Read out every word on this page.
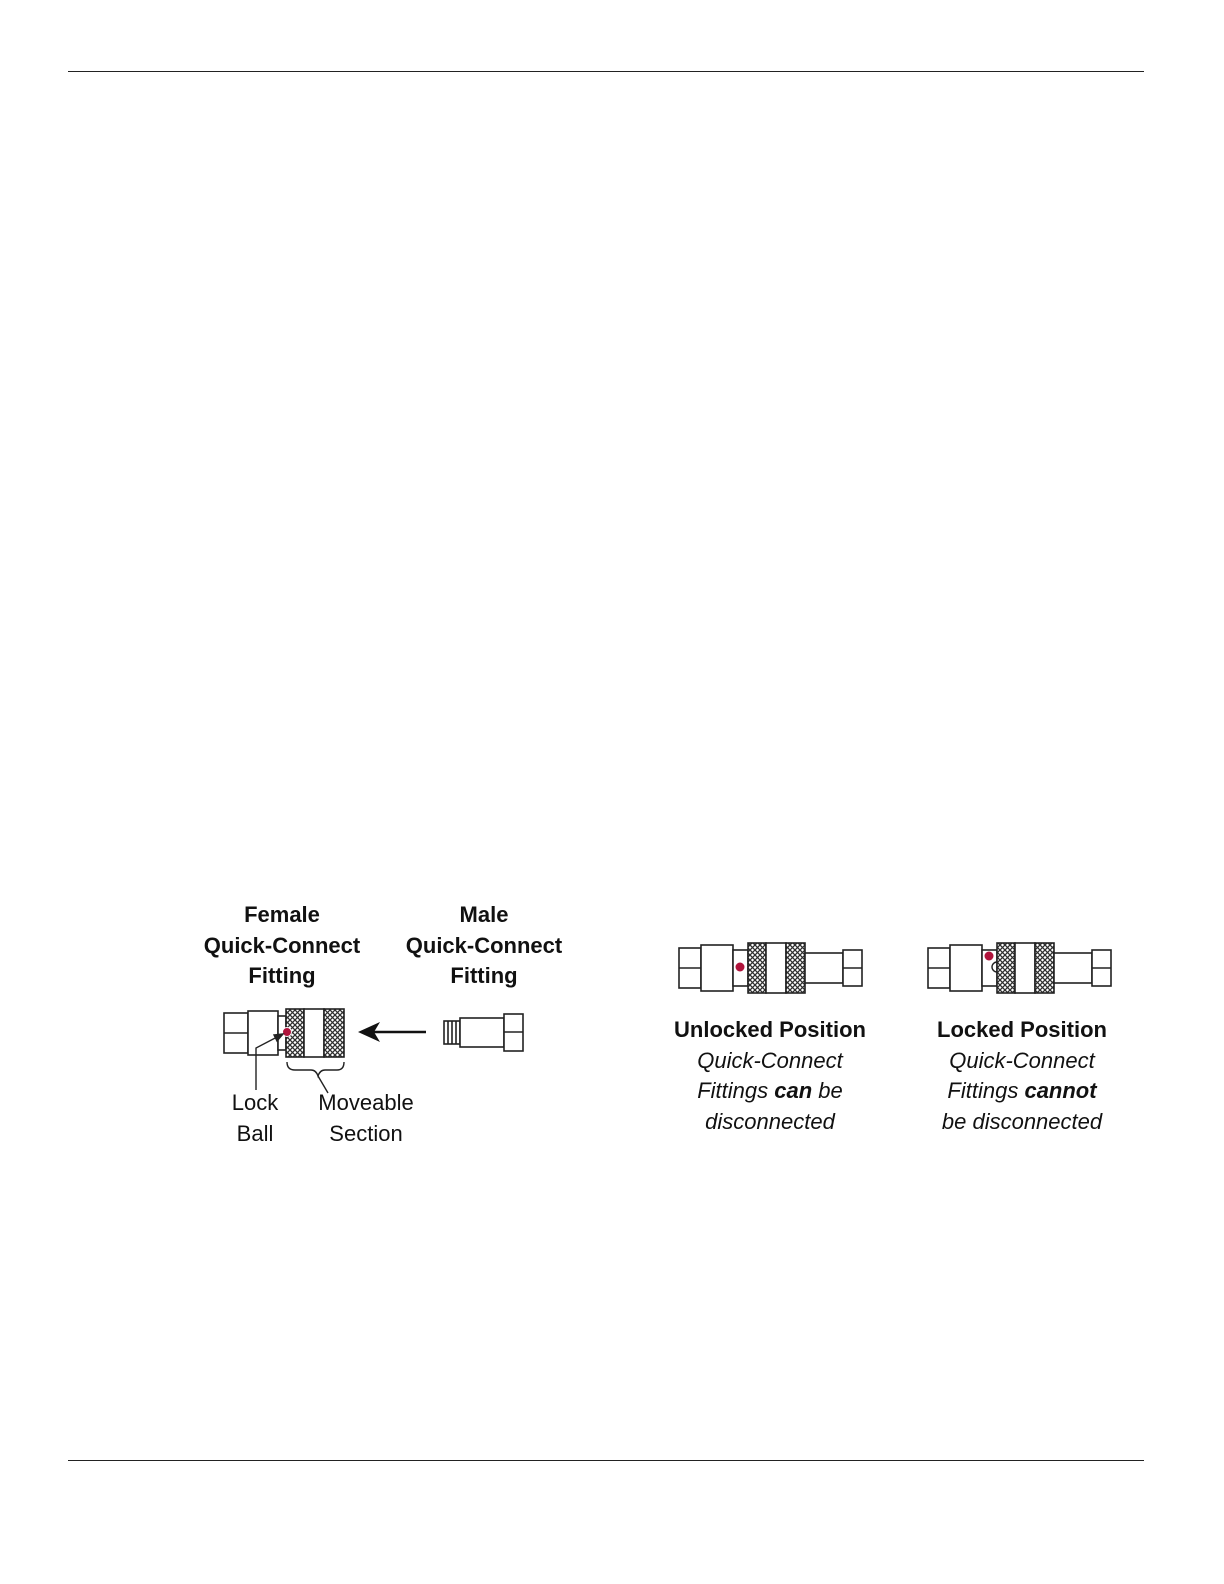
Female
Quick-Connect
Fitting
Male
Quick-Connect
Fitting
Lock
Ball
Moveable
Section
Unlocked Position
Quick-Connect
Fittings can be
disconnected
Locked Position
Quick-Connect
Fittings cannot
be disconnected
